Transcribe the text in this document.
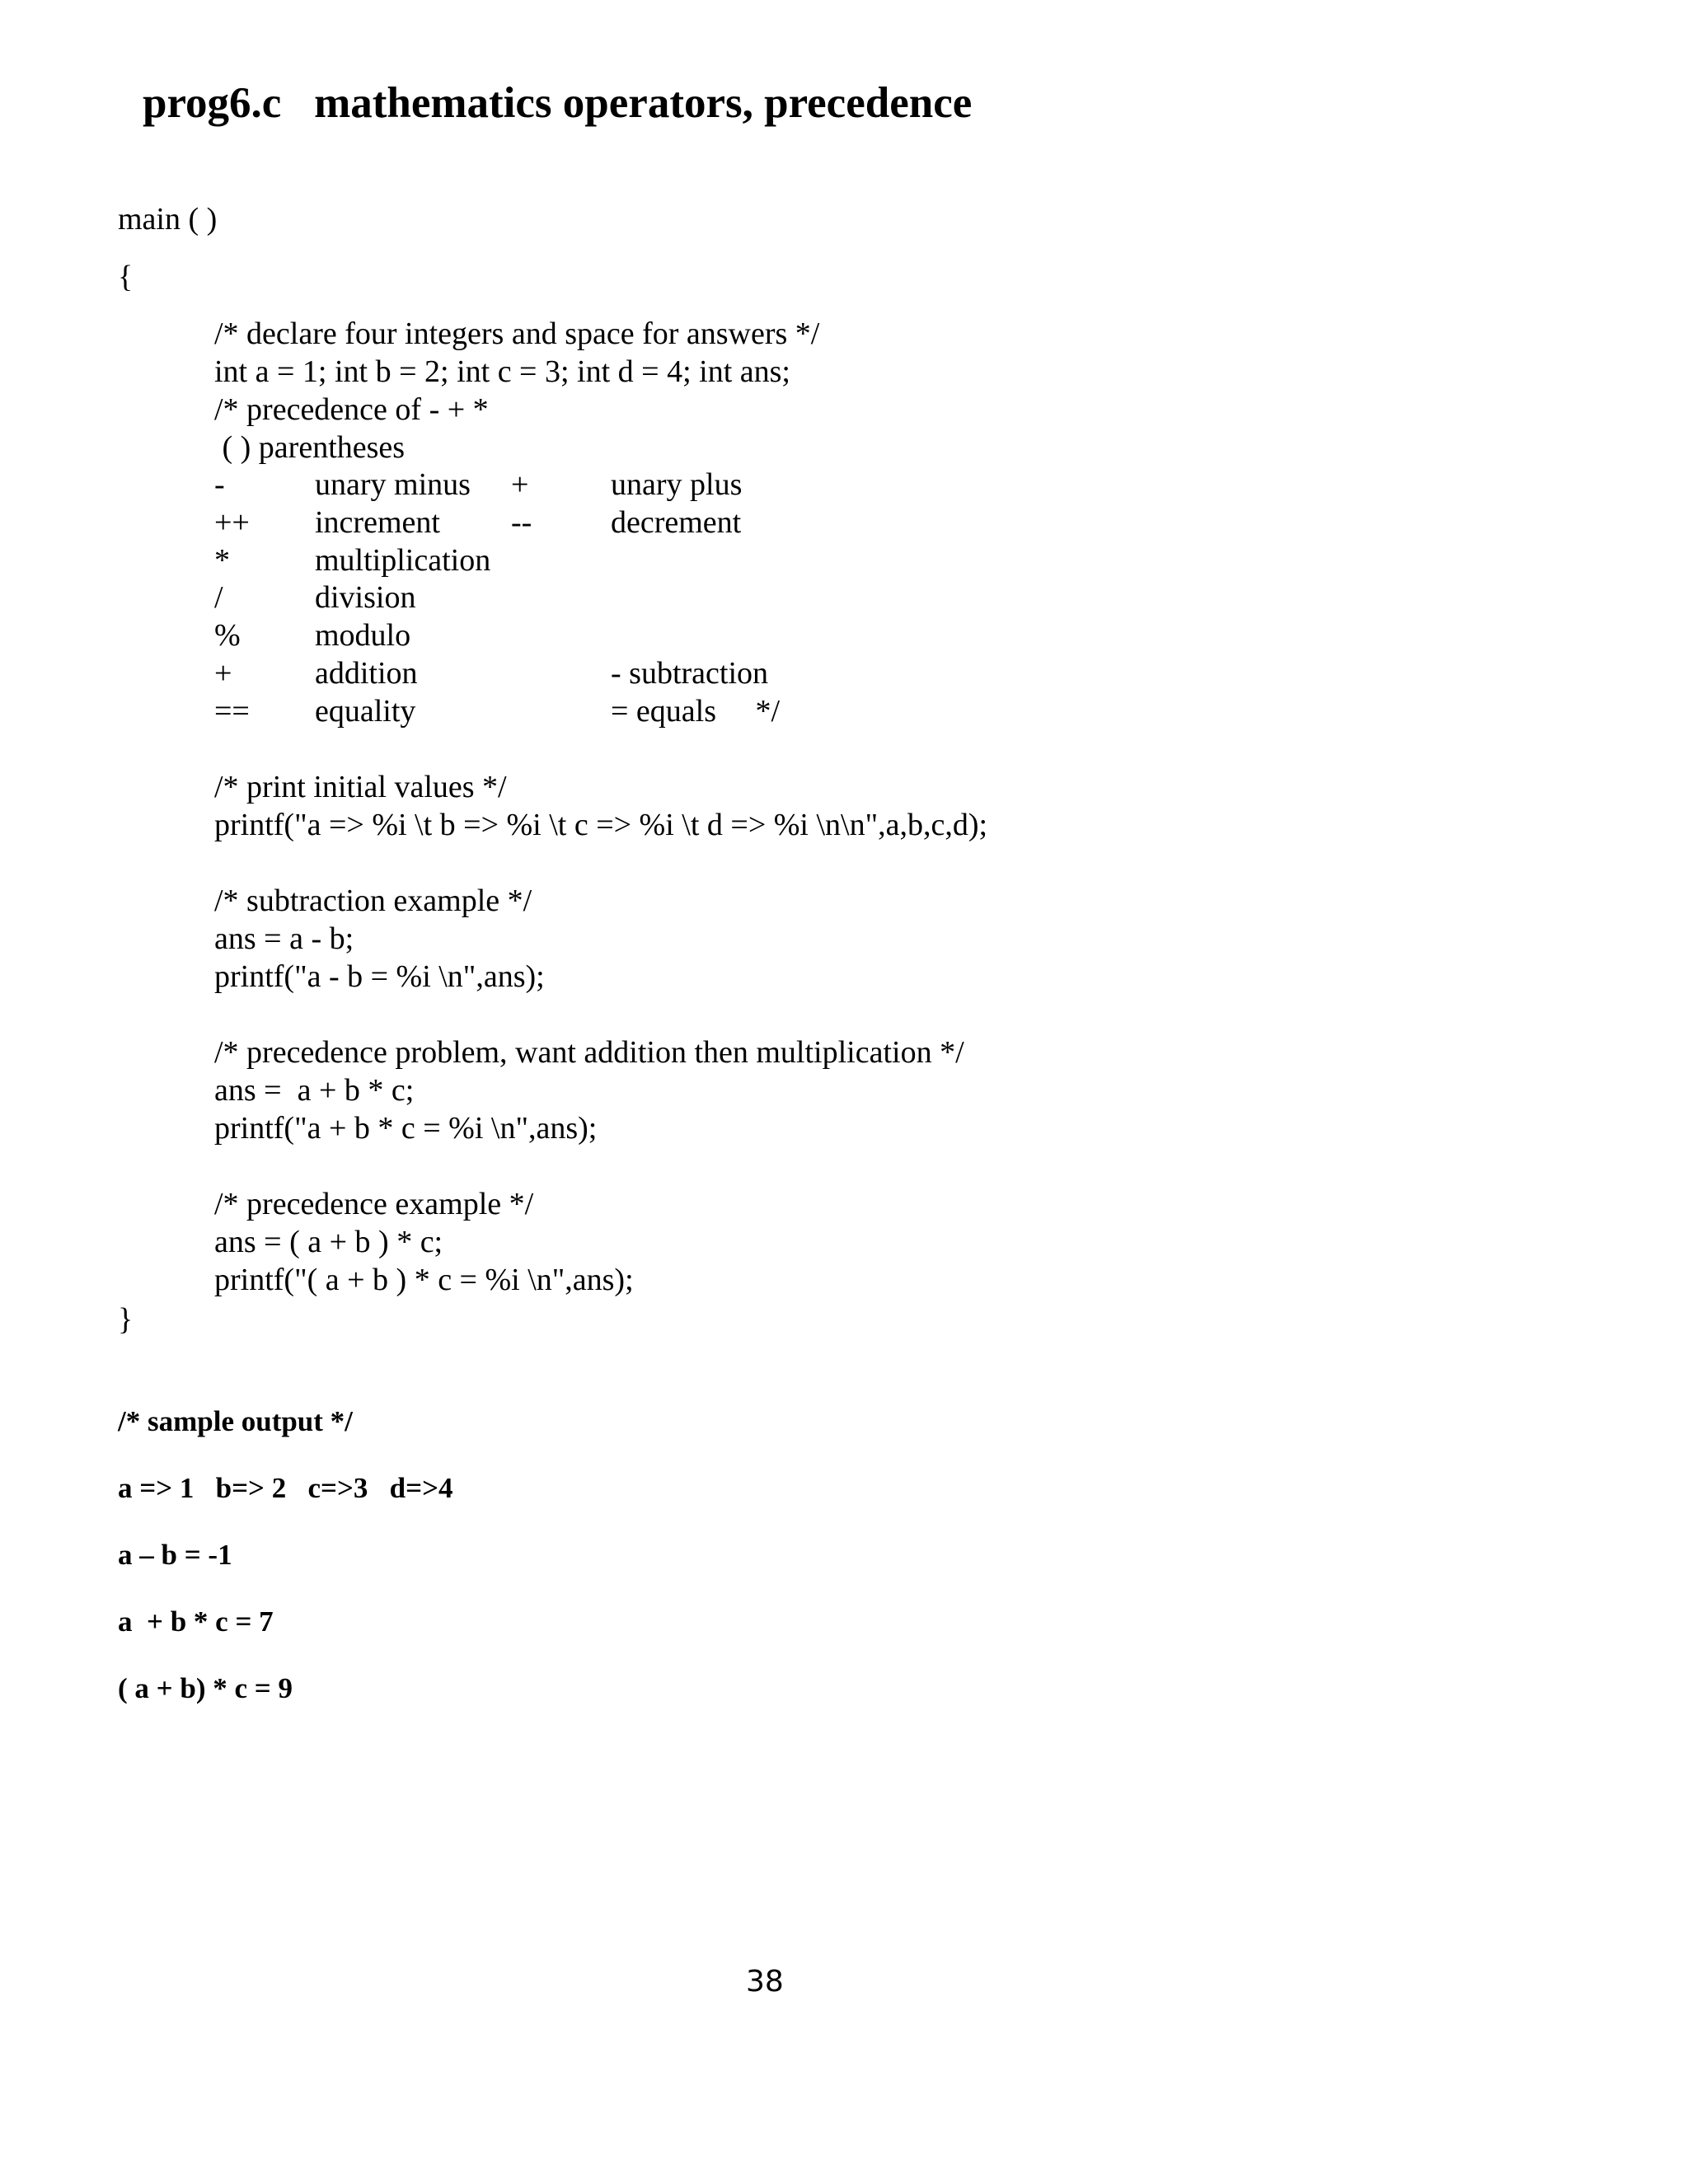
prog6.c   mathematics operators, precedence
main ( )
{
/* declare four integers and space for answers */
int a = 1; int b = 2; int c = 3; int d = 4; int ans;
/* precedence of - + *
( ) parentheses
-	unary minus +	unary plus
++ increment --	decrement
*	multiplication
/	division
% modulo
+	addition	- subtraction
== equality	= equals     */
/* print initial values */
printf("a => %i \t b => %i \t c => %i \t d => %i \n\n",a,b,c,d);
/* subtraction example */
ans = a - b;
printf("a - b = %i \n",ans);
/* precedence problem, want addition then multiplication */
ans =  a + b * c;
printf("a + b * c = %i \n",ans);
/* precedence example */
ans = ( a + b ) * c;
printf("( a + b ) * c = %i \n",ans);
}
/* sample output */
a => 1   b=> 2   c=>3   d=>4
a – b = -1
a  + b * c = 7
( a + b) * c = 9
38
